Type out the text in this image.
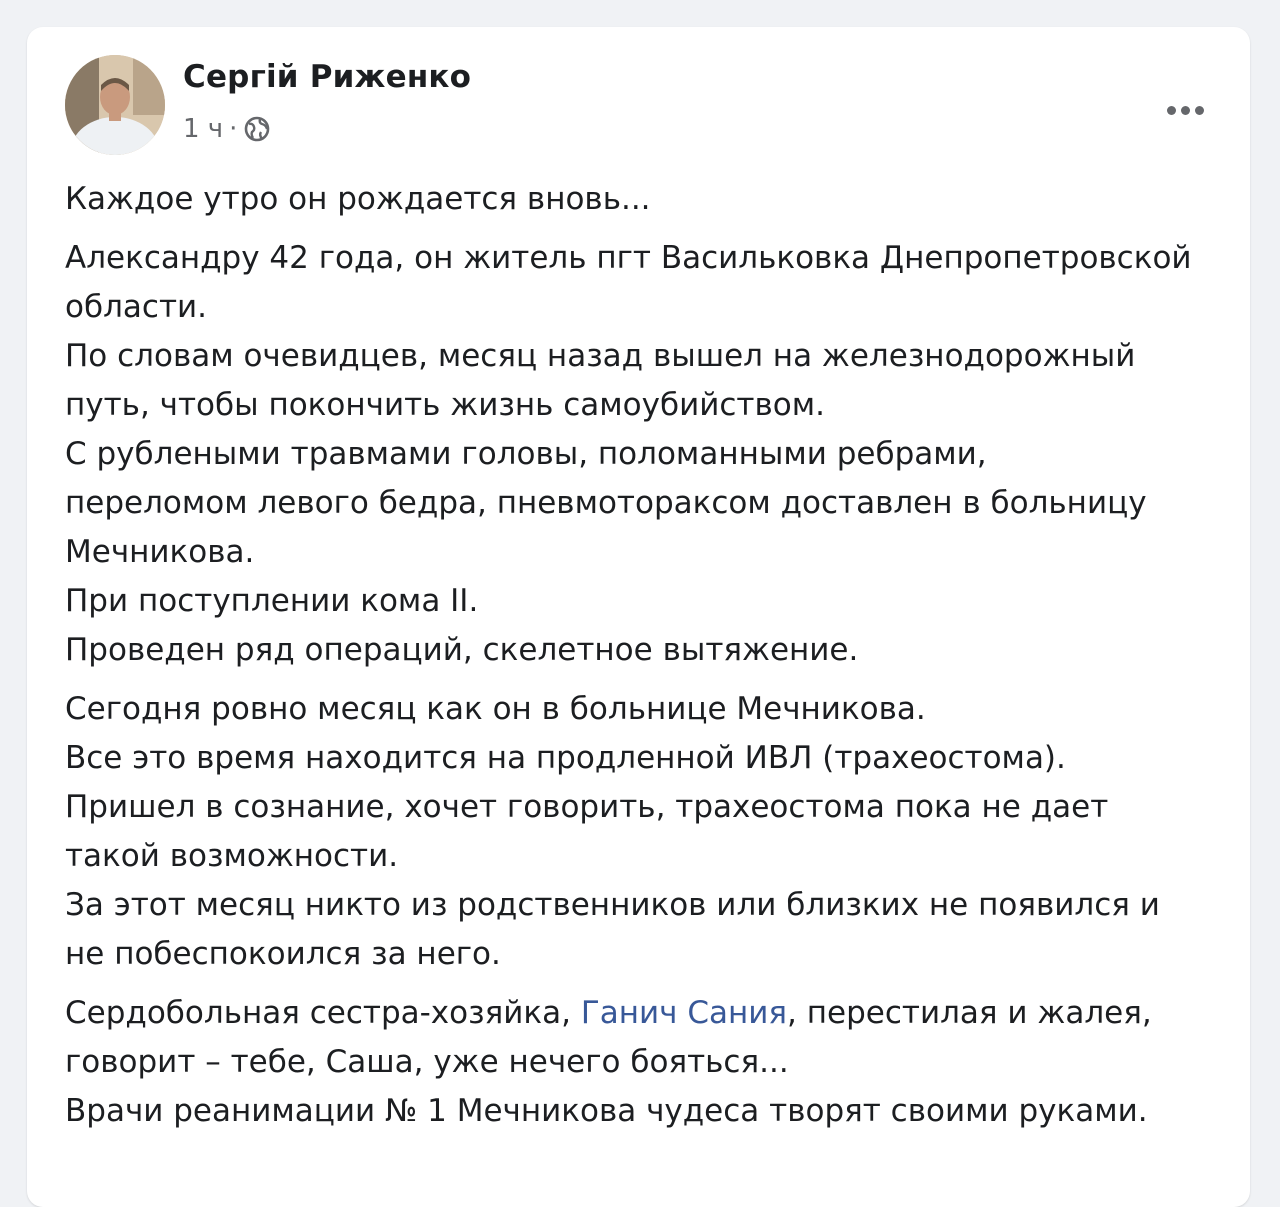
Сергій Риженко
1 ч ·
Каждое утро он рождается вновь...
Александру 42 года, он житель пгт Васильковка Днепропетровской
области.
По словам очевидцев, месяц назад вышел на железнодорожный
путь, чтобы покончить жизнь самоубийством.
С рублеными травмами головы, поломанными ребрами,
переломом левого бедра, пневмотораксом доставлен в больницу
Мечникова.
При поступлении кома II.
Проведен ряд операций, скелетное вытяжение.
Сегодня ровно месяц как он в больнице Мечникова.
Все это время находится на продленной ИВЛ (трахеостома).
Пришел в сознание, хочет говорить, трахеостома пока не дает
такой возможности.
За этот месяц никто из родственников или близких не появился и
не побеспокоился за него.
Сердобольная сестра-хозяйка, Ганич Сания, перестилая и жалея,
говорит – тебе, Саша, уже нечего бояться...
Врачи реанимации № 1 Мечникова чудеса творят своими руками.
